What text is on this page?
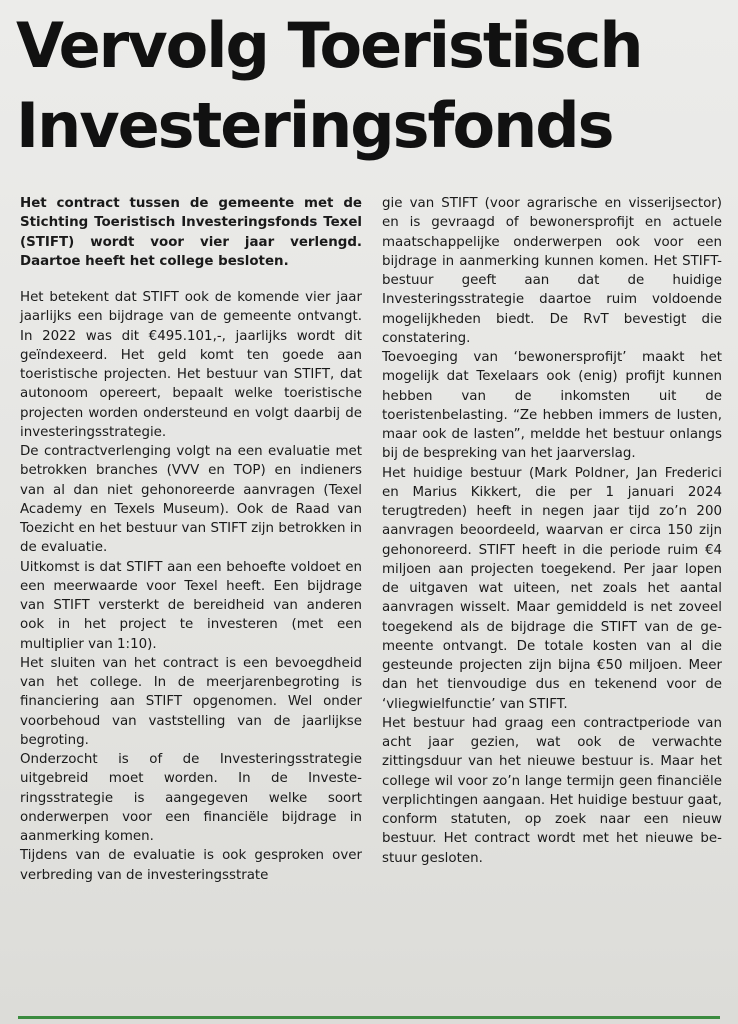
Vervolg Toeristisch Investeringsfonds

Het contract tussen de gemeente met de Stichting Toeristisch Investeringsfonds Texel (STIFT) wordt voor vier jaar verlengd. Daartoe heeft het college besloten.

Het betekent dat STIFT ook de komende vier jaar jaarlijks een bijdrage van de gemeente ontvangt. In 2022 was dit €495.101,-, jaarlijks wordt dit geïndexeerd. Het geld komt ten goede aan toeristische projecten. Het bestuur van STIFT, dat autonoom opereert, bepaalt welke toeristische projecten worden ondersteund en volgt daarbij de investeringsstrategie.

De contractverlenging volgt na een evaluatie met betrokken branches (VVV en TOP) en indieners van al dan niet gehonoreerde aanvragen (Texel Academy en Texels Museum). Ook de Raad van Toezicht en het bestuur van STIFT zijn betrokken in de evaluatie.

Uitkomst is dat STIFT aan een behoefte voldoet en een meerwaarde voor Texel heeft. Een bijdrage van STIFT versterkt de bereidheid van anderen ook in het project te investeren (met een multiplier van 1:10).

Het sluiten van het contract is een bevoegdheid van het college. In de meerjarenbegroting is financiering aan STIFT opgenomen. Wel onder voorbehoud van vaststelling van de jaarlijkse begroting.

Onderzocht is of de Investeringsstrategie uitgebreid moet worden. In de Investeringsstrategie is aangegeven welke soort onderwerpen voor een financiële bijdrage in aanmerking komen.

Tijdens van de evaluatie is ook gesproken over verbreding van de investeringsstrate

gie van STIFT (voor agrarische en visserijsector) en is gevraagd of bewonersprofijt en actuele maatschappelijke onderwerpen ook voor een bijdrage in aanmerking kunnen komen. Het STIFT-bestuur geeft aan dat de huidige Investeringsstrategie daartoe ruim voldoende mogelijkheden biedt. De RvT bevestigt die constatering.

Toevoeging van ‘bewonersprofijt’ maakt het mogelijk dat Texelaars ook (enig) profijt kunnen hebben van de inkomsten uit de toeristenbelasting. “Ze hebben immers de lusten, maar ook de lasten”, meldde het bestuur onlangs bij de bespreking van het jaarverslag.

Het huidige bestuur (Mark Poldner, Jan Frederici en Marius Kikkert, die per 1 januari 2024 terugtreden) heeft in negen jaar tijd zo’n 200 aanvragen beoordeeld, waarvan er circa 150 zijn gehonoreerd. STIFT heeft in die periode ruim €4 miljoen aan projecten toegekend. Per jaar lopen de uitgaven wat uiteen, net zoals het aantal aanvragen wisselt. Maar gemiddeld is net zoveel toegekend als de bijdrage die STIFT van de gemeente ontvangt. De totale kosten van al die gesteunde projecten zijn bijna €50 miljoen. Meer dan het tienvoudige dus en tekenend voor de ‘vliegwielfunctie’ van STIFT.

Het bestuur had graag een contractperiode van acht jaar gezien, wat ook de verwachte zittingsduur van het nieuwe bestuur is. Maar het college wil voor zo’n lange termijn geen financiële verplichtingen aangaan. Het huidige bestuur gaat, conform statuten, op zoek naar een nieuw bestuur. Het contract wordt met het nieuwe bestuur gesloten.
